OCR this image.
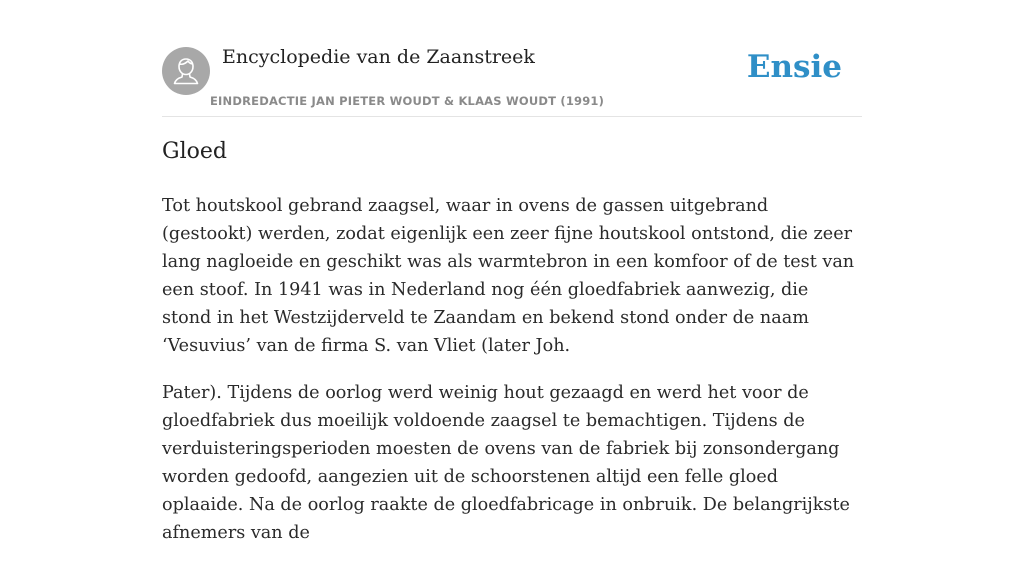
Encyclopedie van de Zaanstreek
EINDREDACTIE JAN PIETER WOUDT & KLAAS WOUDT (1991)
Ensie
Gloed

Tot houtskool gebrand zaagsel, waar in ovens de gassen uitgebrand (gestookt) werden, zodat eigenlijk een zeer fijne houtskool ontstond, die zeer lang nagloeide en geschikt was als warmtebron in een komfoor of de test van een stoof. In 1941 was in Nederland nog één gloedfabriek aanwezig, die stond in het Westzijderveld te Zaandam en bekend stond onder de naam ‘Vesuvius’ van de firma S. van Vliet (later Joh.

Pater). Tijdens de oorlog werd weinig hout gezaagd en werd het voor de gloedfabriek dus moeilijk voldoende zaagsel te bemachtigen. Tijdens de verduisteringsperioden moesten de ovens van de fabriek bij zonsondergang worden gedoofd, aangezien uit de schoorstenen altijd een felle gloed oplaaide. Na de oorlog raakte de gloedfabricage in onbruik. De belangrijkste afnemers van de
